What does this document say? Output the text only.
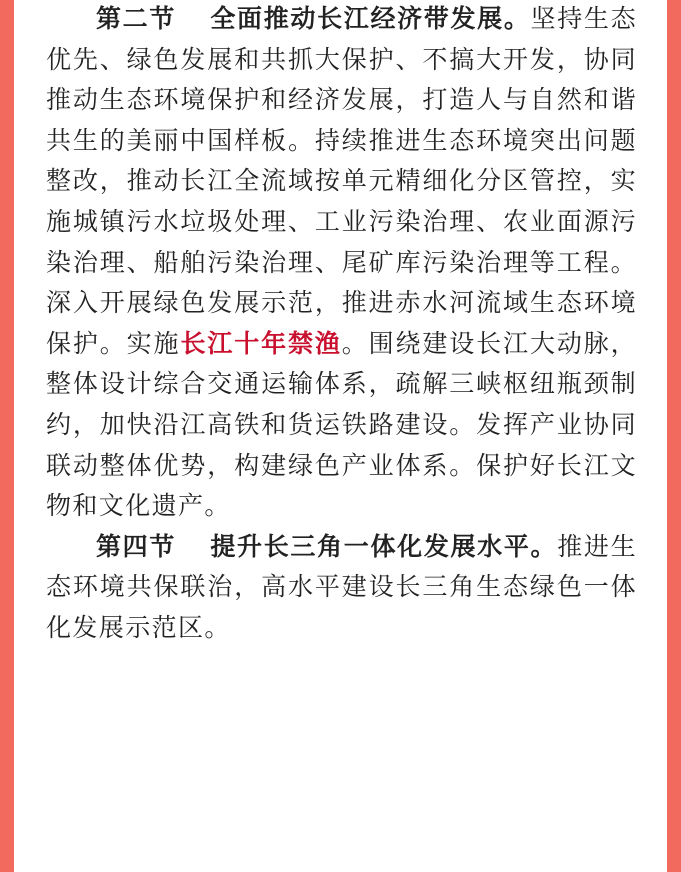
第二节 全面推动长江经济带发展。坚持生态优先、绿色发展和共抓大保护、不搞大开发，协同推动生态环境保护和经济发展，打造人与自然和谐共生的美丽中国样板。持续推进生态环境突出问题整改，推动长江全流域按单元精细化分区管控，实施城镇污水垃圾处理、工业污染治理、农业面源污染治理、船舶污染治理、尾矿库污染治理等工程。深入开展绿色发展示范，推进赤水河流域生态环境保护。实施长江十年禁渔。围绕建设长江大动脉，整体设计综合交通运输体系，疏解三峡枢纽瓶颈制约，加快沿江高铁和货运铁路建设。发挥产业协同联动整体优势，构建绿色产业体系。保护好长江文物和文化遗产。

第四节 提升长三角一体化发展水平。推进生态环境共保联治，高水平建设长三角生态绿色一体化发展示范区。
